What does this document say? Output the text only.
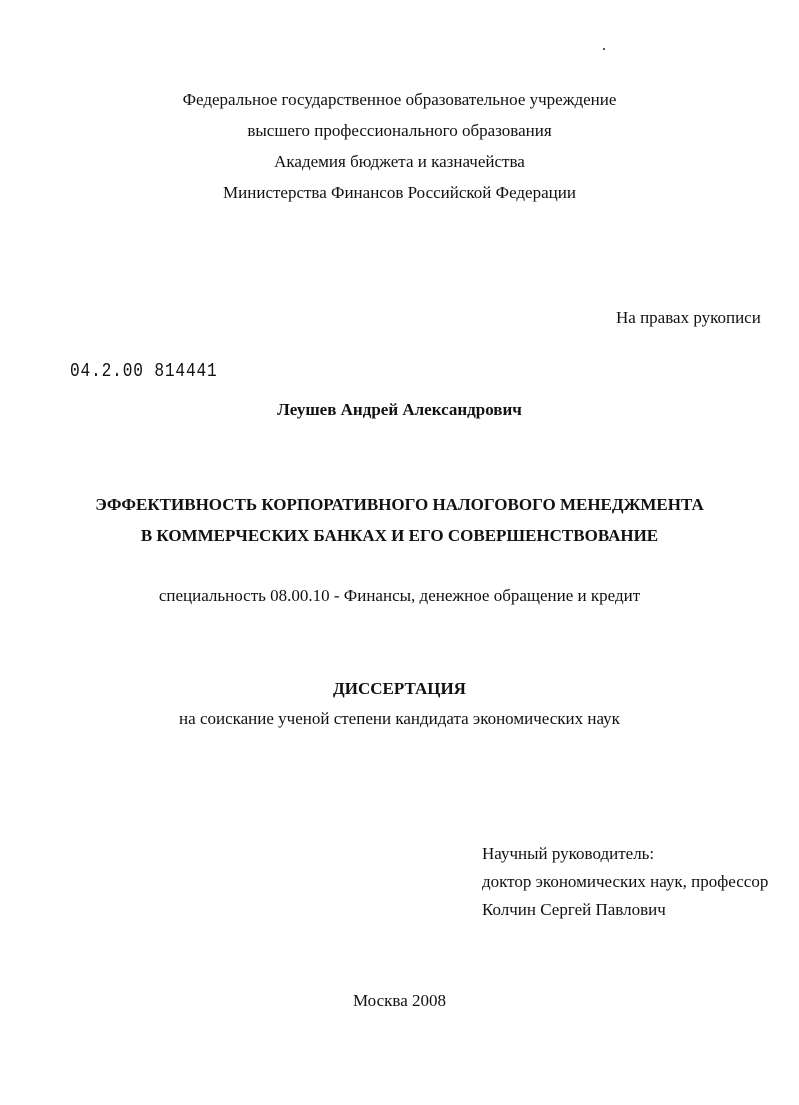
Федеральное государственное образовательное учреждение
высшего профессионального образования
Академия бюджета и казначейства
Министерства Финансов Российской Федерации
На правах рукописи
04.2.00 814441
Леушев Андрей Александрович
ЭФФЕКТИВНОСТЬ КОРПОРАТИВНОГО НАЛОГОВОГО МЕНЕДЖМЕНТА
В КОММЕРЧЕСКИХ БАНКАХ И ЕГО СОВЕРШЕНСТВОВАНИЕ
специальность 08.00.10 - Финансы, денежное обращение и кредит
ДИССЕРТАЦИЯ
на соискание ученой степени кандидата экономических наук
Научный руководитель:
доктор экономических наук, профессор
Колчин Сергей Павлович
Москва 2008
